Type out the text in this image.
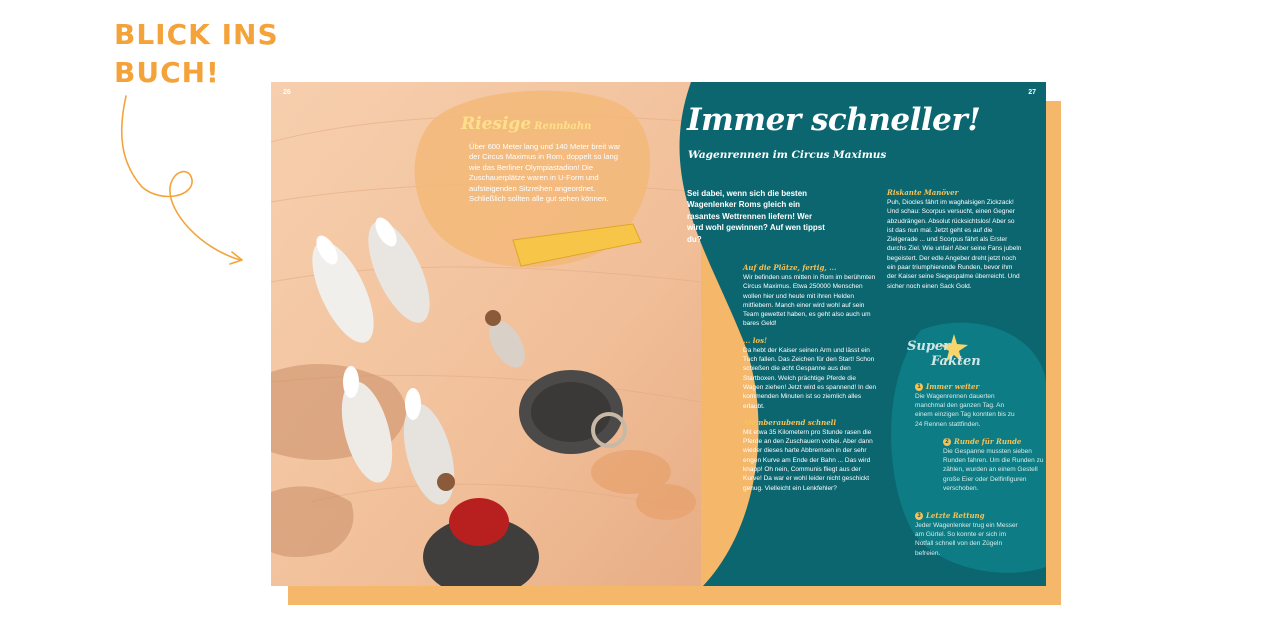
BLICK INS
BUCH!
26	27
Riesige Rennbahn
Über 600 Meter lang und 140 Meter breit war der Circus Maximus in Rom, doppelt so lang wie das Berliner Olympiastadion! Die Zuschauerplätze waren in U-Form und aufsteigenden Sitzreihen angeordnet. Schließlich sollten alle gut sehen können.
Immer schneller!
Wagenrennen im Circus Maximus
Sei dabei, wenn sich die besten Wagenlenker Roms gleich ein rasantes Wettrennen liefern! Wer wird wohl gewinnen? Auf wen tippst du?
Auf die Plätze, fertig, ...

Wir befinden uns mitten in Rom im berühmten Circus Maximus. Etwa 250000 Menschen wollen hier und heute mit ihren Helden mitfiebern. Manch einer wird wohl auf sein Team gewettet haben, es geht also auch um bares Geld!

... los!

Da hebt der Kaiser seinen Arm und lässt ein Tuch fallen. Das Zeichen für den Start! Schon schießen die acht Gespanne aus den Startboxen. Welch prächtige Pferde die Wagen ziehen! Jetzt wird es spannend! In den kommenden Minuten ist so ziemlich alles erlaubt.

Atemberaubend schnell

Mit etwa 35 Kilometern pro Stunde rasen die Pferde an den Zuschauern vorbei. Aber dann wieder dieses harte Abbremsen in der sehr engen Kurve am Ende der Bahn ... Das wird knapp! Oh nein, Communis fliegt aus der Kurve! Da war er wohl leider nicht geschickt genug. Vielleicht ein Lenkfehler?

Riskante Manöver

Puh, Diocles fährt im waghalsigen Zickzack! Und schau: Scorpus versucht, einen Gegner abzudrängen. Absolut rücksichtslos! Aber so ist das nun mal. Jetzt geht es auf die Zielgerade ... und Scorpus fährt als Erster durchs Ziel. Wie unfair! Aber seine Fans jubeln begeistert. Der edle Angeber dreht jetzt noch ein paar triumphierende Runden, bevor ihm der Kaiser seine Siegespalme überreicht. Und sicher noch einen Sack Gold.

Super
Fakten
1 Immer weiter

Die Wagenrennen dauerten manchmal den ganzen Tag. An einem einzigen Tag konnten bis zu 24 Rennen stattfinden.

2 Runde für Runde

Die Gespanne mussten sieben Runden fahren. Um die Runden zu zählen, wurden an einem Gestell große Eier oder Delfinfiguren verschoben.

3 Letzte Rettung

Jeder Wagenlenker trug ein Messer am Gürtel. So konnte er sich im Notfall schnell von den Zügeln befreien.
